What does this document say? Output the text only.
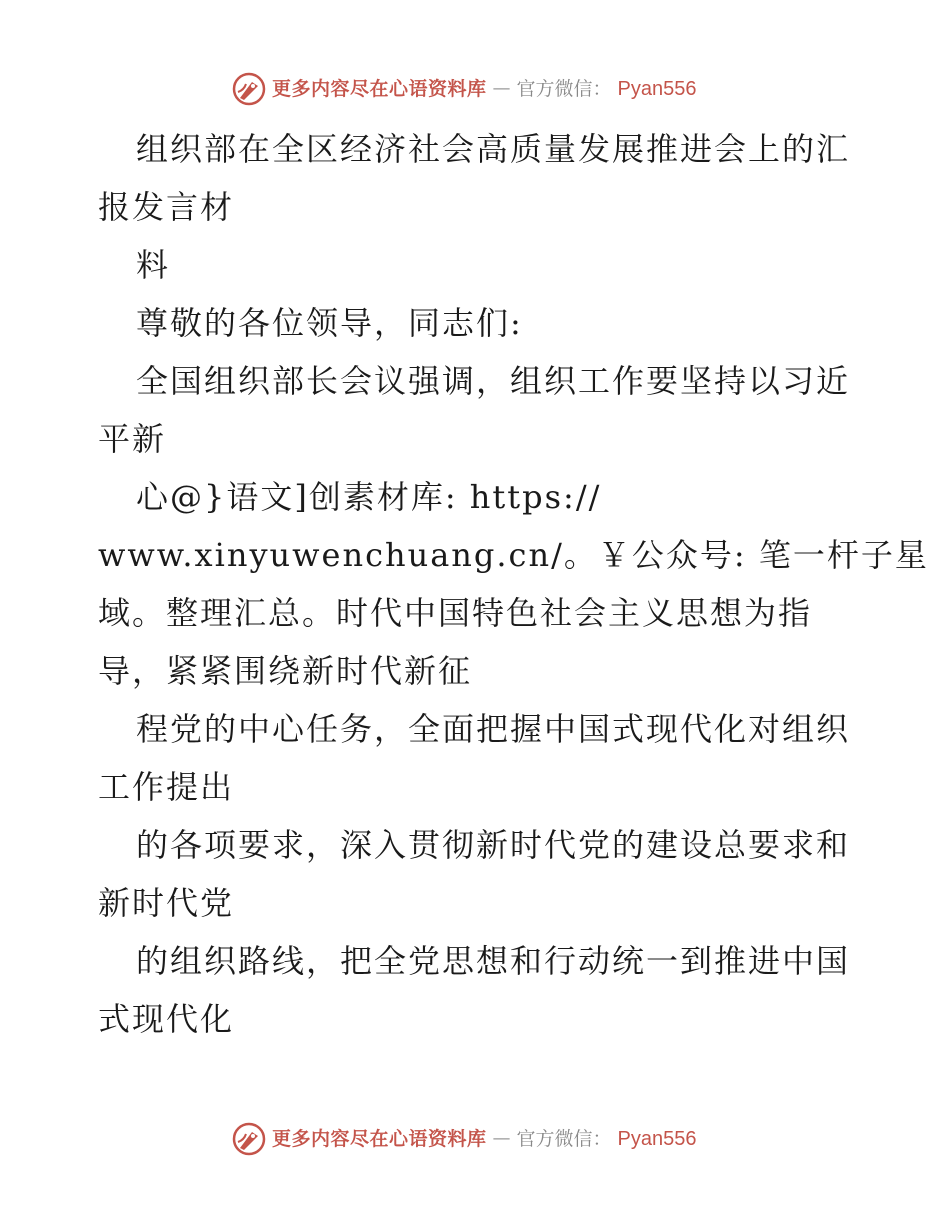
更多内容尽在心语资料库 — 官方微信： Pyan556

组织部在全区经济社会高质量发展推进会上的汇

报发言材

料

尊敬的各位领导，同志们:

全国组织部长会议强调，组织工作要坚持以习近

平新

心@}语文]创素材库: https://

www.xinyuwenchuang.cn/。￥公众号: 笔一杆子星

域。整理汇总。时代中国特色社会主义思想为指

导，紧紧围绕新时代新征

程党的中心任务，全面把握中国式现代化对组织

工作提出

的各项要求，深入贯彻新时代党的建设总要求和

新时代党

的组织路线，把全党思想和行动统一到推进中国

式现代化

更多内容尽在心语资料库 — 官方微信： Pyan556
